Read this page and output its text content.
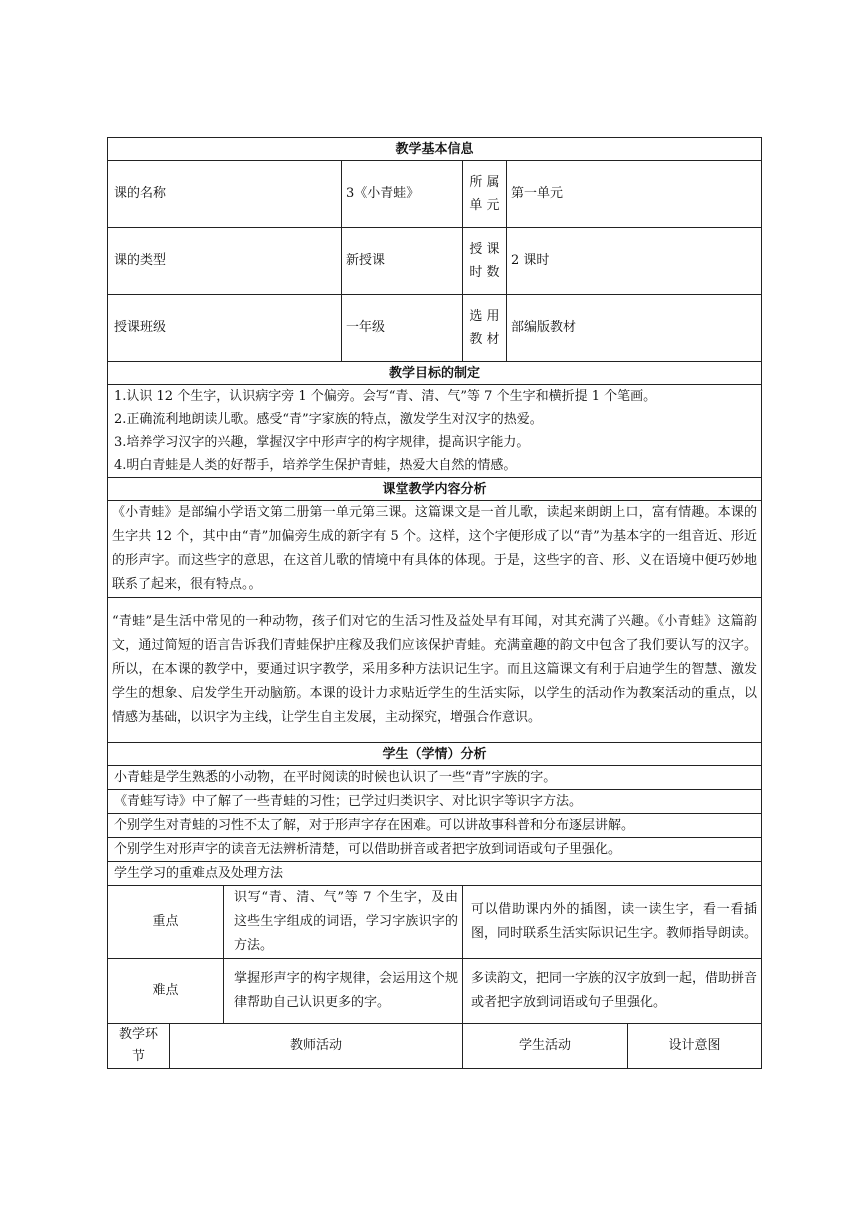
教学基本信息						
课的名称			3《小青蛙》	所 属 单 元	第一单元	
课的类型			新授课	授 课 时 数	2 课时	
授课班级			一年级	选 用 教 材	部编版教材	
教学目标的制定						
1.认识 12 个生字，认识病字旁 1 个偏旁。会写“青、清、气”等 7 个生字和横折提 1 个笔画。						
2.正确流利地朗读儿歌。感受“青”字家族的特点，激发学生对汉字的热爱。						
3.培养学习汉字的兴趣，掌握汉字中形声字的构字规律，提高识字能力。						
4.明白青蛙是人类的好帮手，培养学生保护青蛙，热爱大自然的情感。						
课堂教学内容分析						
《小青蛙》是部编小学语文第二册第一单元第三课。这篇课文是一首儿歌，读起来朗朗上口，富有情趣。本课的生字共 12 个，其中由“青”加偏旁生成的新字有 5 个。这样，这个字便形成了以“青”为基本字的一组音近、形近的形声字。而这些字的意思，在这首儿歌的情境中有具体的体现。于是，这些字的音、形、义在语境中便巧妙地联系了起来，很有特点。。						
“青蛙”是生活中常见的一种动物，孩子们对它的生活习性及益处早有耳闻，对其充满了兴趣。《小青蛙》这篇韵文，通过简短的语言告诉我们青蛙保护庄稼及我们应该保护青蛙。充满童趣的韵文中包含了我们要认写的汉字。所以，在本课的教学中，要通过识字教学，采用多种方法识记生字。而且这篇课文有利于启迪学生的智慧、激发学生的想象、启发学生开动脑筋。本课的设计力求贴近学生的生活实际，以学生的活动作为教案活动的重点，以情感为基础，以识字为主线，让学生自主发展，主动探究，增强合作意识。						
学生（学情）分析						
小青蛙是学生熟悉的小动物，在平时阅读的时候也认识了一些“青”字族的字。						
《青蛙写诗》中了解了一些青蛙的习性；已学过归类识字、对比识字等识字方法。						
个别学生对青蛙的习性不太了解，对于形声字存在困难。可以讲故事科普和分布逐层讲解。						
个别学生对形声字的读音无法辨析清楚，可以借助拼音或者把字放到词语或句子里强化。						
学生学习的重难点及处理方法						
重点		识写“青、清、气”等 7 个生字，及由这些生字组成的词语，学习字族识字的方法。		可以借助课内外的插图，读一读生字，看一看插图，同时联系生活实际识记生字。教师指导朗读。		
难点		掌握形声字的构字规律，会运用这个规律帮助自己认识更多的字。		多读韵文，把同一字族的汉字放到一起，借助拼音或者把字放到词语或句子里强化。		
教学环节	教师活动			学生活动		设计意图
